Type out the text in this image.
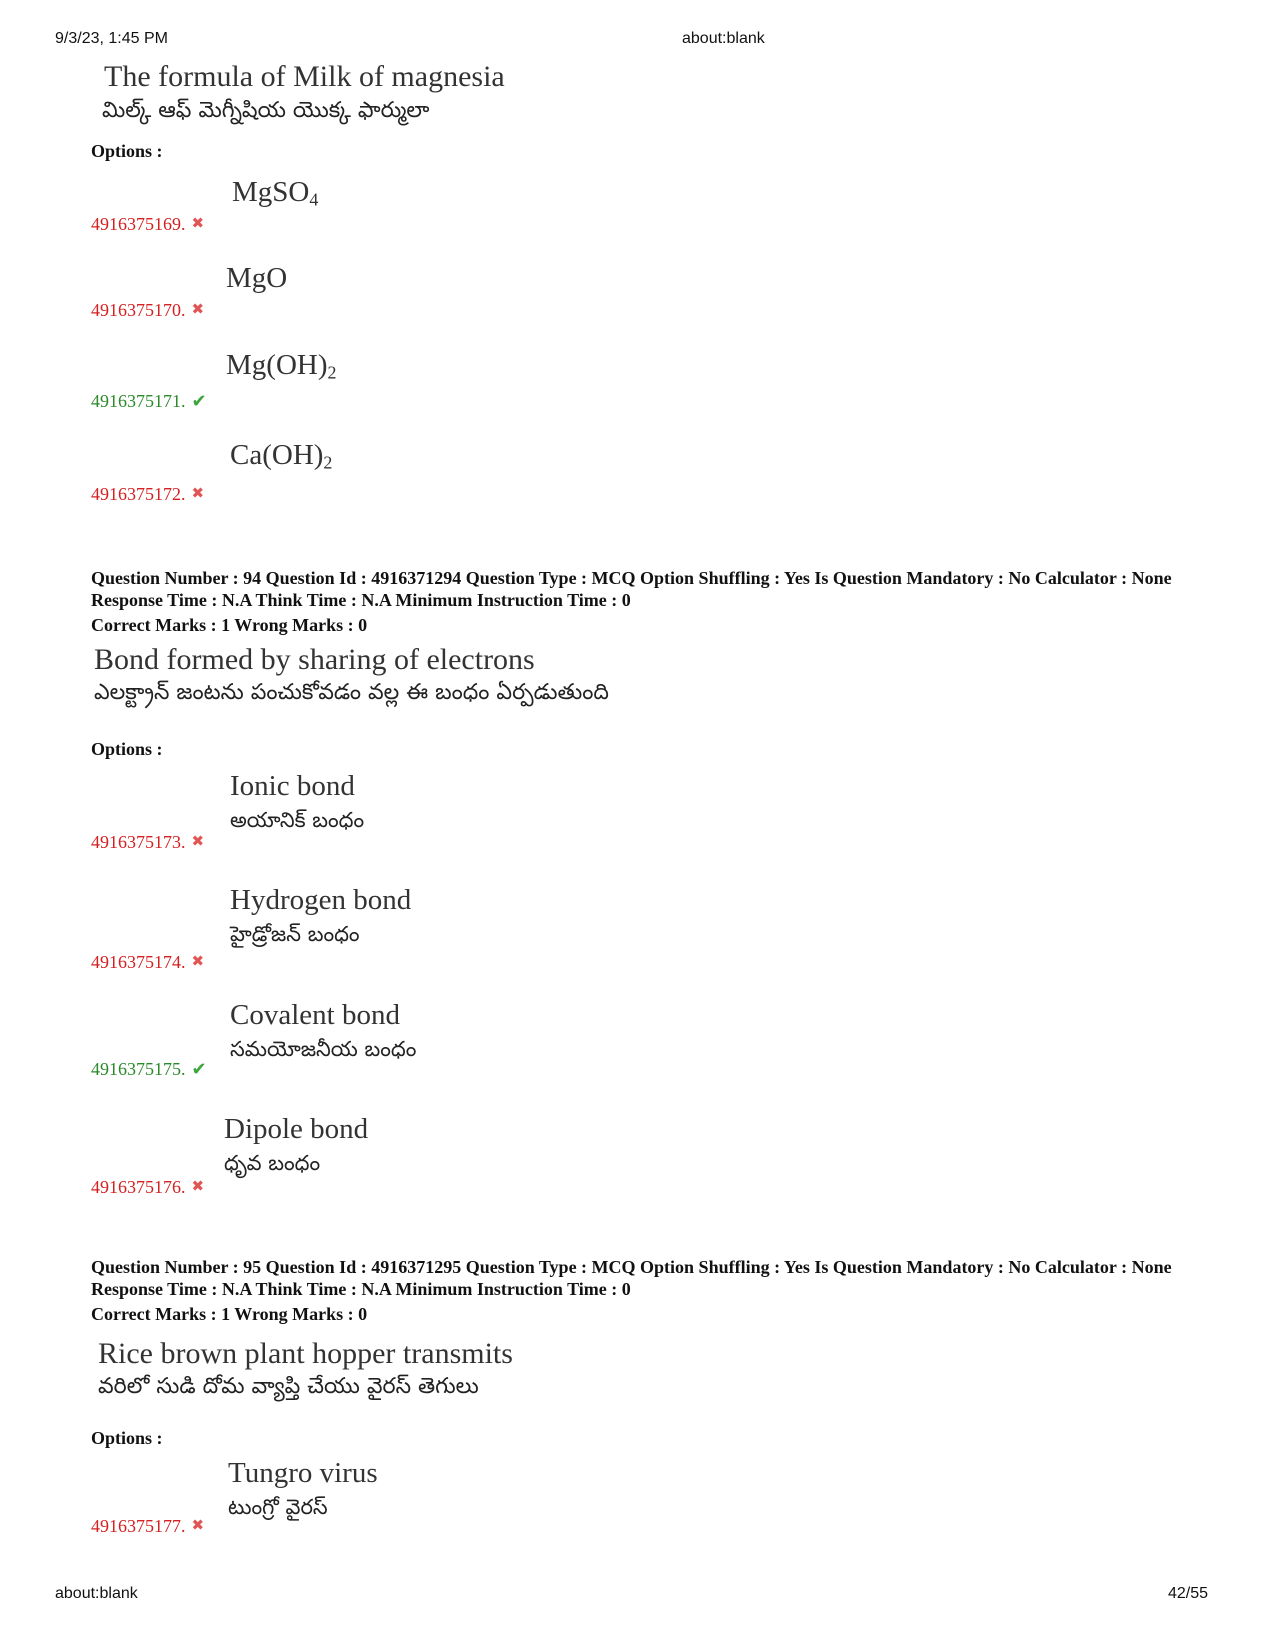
9/3/23, 1:45 PM	about:blank
The formula of Milk of magnesia
మిల్క్ ఆఫ్ మెగ్నీషియ యొక్క ఫార్ములా
Options :
MgSO$_4$
4916375169. ✖
MgO
4916375170. ✖
$Mg(OH)_2$
4916375171. ✔
$Ca(OH)_2$
4916375172. ✖
Question Number : 94 Question Id : 4916371294 Question Type : MCQ Option Shuffling : Yes Is Question Mandatory : No Calculator : None Response Time : N.A Think Time : N.A Minimum Instruction Time : 0
Correct Marks : 1 Wrong Marks : 0
Bond formed by sharing of electrons
ఎలక్ట్రాన్ జంటను పంచుకోవడం వల్ల ఈ బంధం ఏర్పడుతుంది
Options :
Ionic bond
అయానిక్ బంధం
4916375173. ✖
Hydrogen bond
హైడ్రోజన్ బంధం
4916375174. ✖
Covalent bond
సమయోజనీయ బంధం
4916375175. ✔
Dipole bond
ధృవ బంధం
4916375176. ✖
Question Number : 95 Question Id : 4916371295 Question Type : MCQ Option Shuffling : Yes Is Question Mandatory : No Calculator : None Response Time : N.A Think Time : N.A Minimum Instruction Time : 0
Correct Marks : 1 Wrong Marks : 0
Rice brown plant hopper transmits
వరిలో సుడి దోమ వ్యాప్తి చేయు వైరస్ తెగులు
Options :
Tungro virus
టుంగ్రో వైరస్
4916375177. ✖
about:blank	42/55
